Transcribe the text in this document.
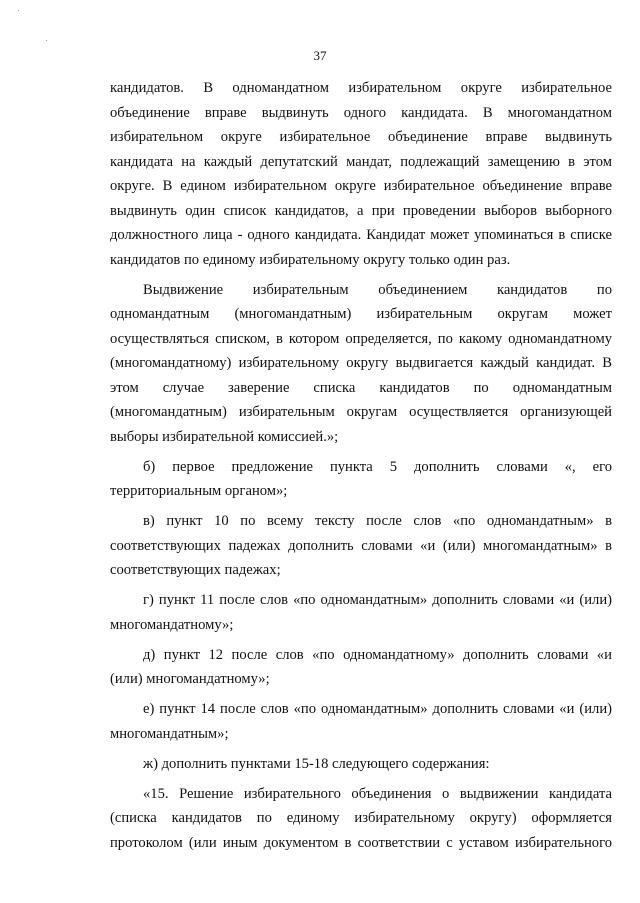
37
кандидатов. В одномандатном избирательном округе избирательное
объединение вправе выдвинуть одного кандидата. В многомандатном
избирательном округе избирательное объединение вправе выдвинуть
кандидата на каждый депутатский мандат, подлежащий замещению в этом
округе. В едином избирательном округе избирательное объединение вправе
выдвинуть один список кандидатов, а при проведении выборов выборного
должностного лица - одного кандидата. Кандидат может упоминаться в списке
кандидатов по единому избирательному округу только один раз.
Выдвижение избирательным объединением кандидатов по
одномандатным (многомандатным) избирательным округам может
осуществляться списком, в котором определяется, по какому одномандатному
(многомандатному) избирательному округу выдвигается каждый кандидат. В
этом случае заверение списка кандидатов по одномандатным
(многомандатным) избирательным округам осуществляется организующей
выборы избирательной комиссией.»;
б) первое предложение пункта 5 дополнить словами «, его
территориальным органом»;
в) пункт 10 по всему тексту после слов «по одномандатным» в
соответствующих падежах дополнить словами «и (или) многомандатным» в
соответствующих падежах;
г) пункт 11 после слов «по одномандатным» дополнить словами «и (или)
многомандатному»;
д) пункт 12 после слов «по одномандатному» дополнить словами «и
(или) многомандатному»;
е) пункт 14 после слов «по одномандатным» дополнить словами «и (или)
многомандатным»;
ж) дополнить пунктами 15-18 следующего содержания:
«15. Решение избирательного объединения о выдвижении кандидата
(списка кандидатов по единому избирательному округу) оформляется
протоколом (или иным документом в соответствии с уставом избирательного
